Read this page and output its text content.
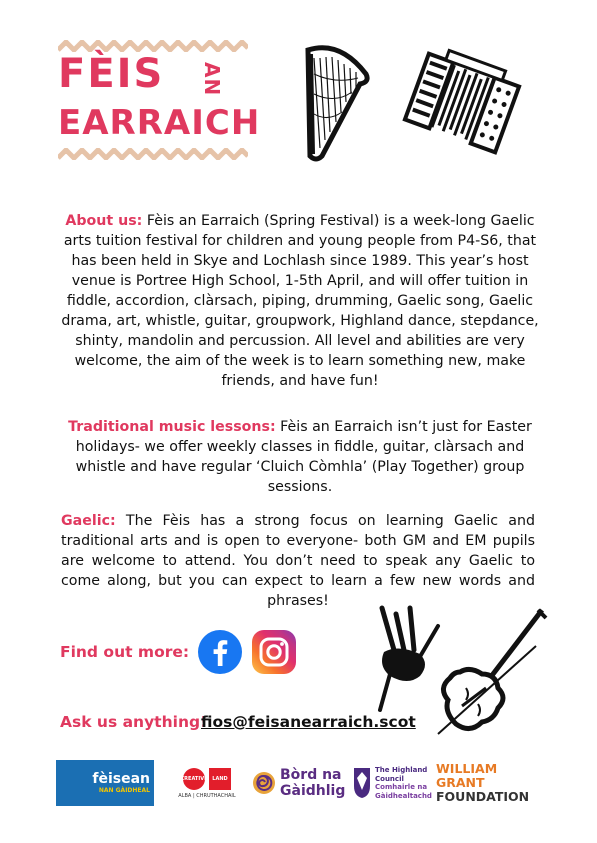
FÈIS AN
EARRAICH
About us: Fèis an Earraich (Spring Festival) is a week-long Gaelic arts tuition festival for children and young people from P4-S6, that has been held in Skye and Lochlash since 1989. This year’s host venue is Portree High School, 1-5th April, and will offer tuition in fiddle, accordion, clàrsach, piping, drumming, Gaelic song, Gaelic drama, art, whistle, guitar, groupwork, Highland dance, stepdance, shinty, mandolin and percussion. All level and abilities are very welcome, the aim of the week is to learn something new, make friends, and have fun!
Traditional music lessons: Fèis an Earraich isn’t just for Easter holidays- we offer weekly classes in fiddle, guitar, clàrsach and whistle and have regular ‘Cluich Còmhla’ (Play Together) group sessions.
Gaelic: The Fèis has a strong focus on learning Gaelic and traditional arts and is open to everyone- both GM and EM pupils are welcome to attend. You don’t need to speak any Gaelic to come along, but you can expect to learn a few new words and phrases!
Find out more:
Ask us anything!
fios@feisanearraich.scot
fèisean
NAN GÀIDHEAL
CREATIVE LAND
ALBA | CHRUTHACHAIL
Bòrd na
Gàidhlig
The Highland
Council
Comhairle na
Gàidhealtachd
WILLIAM GRANT
FOUNDATION
